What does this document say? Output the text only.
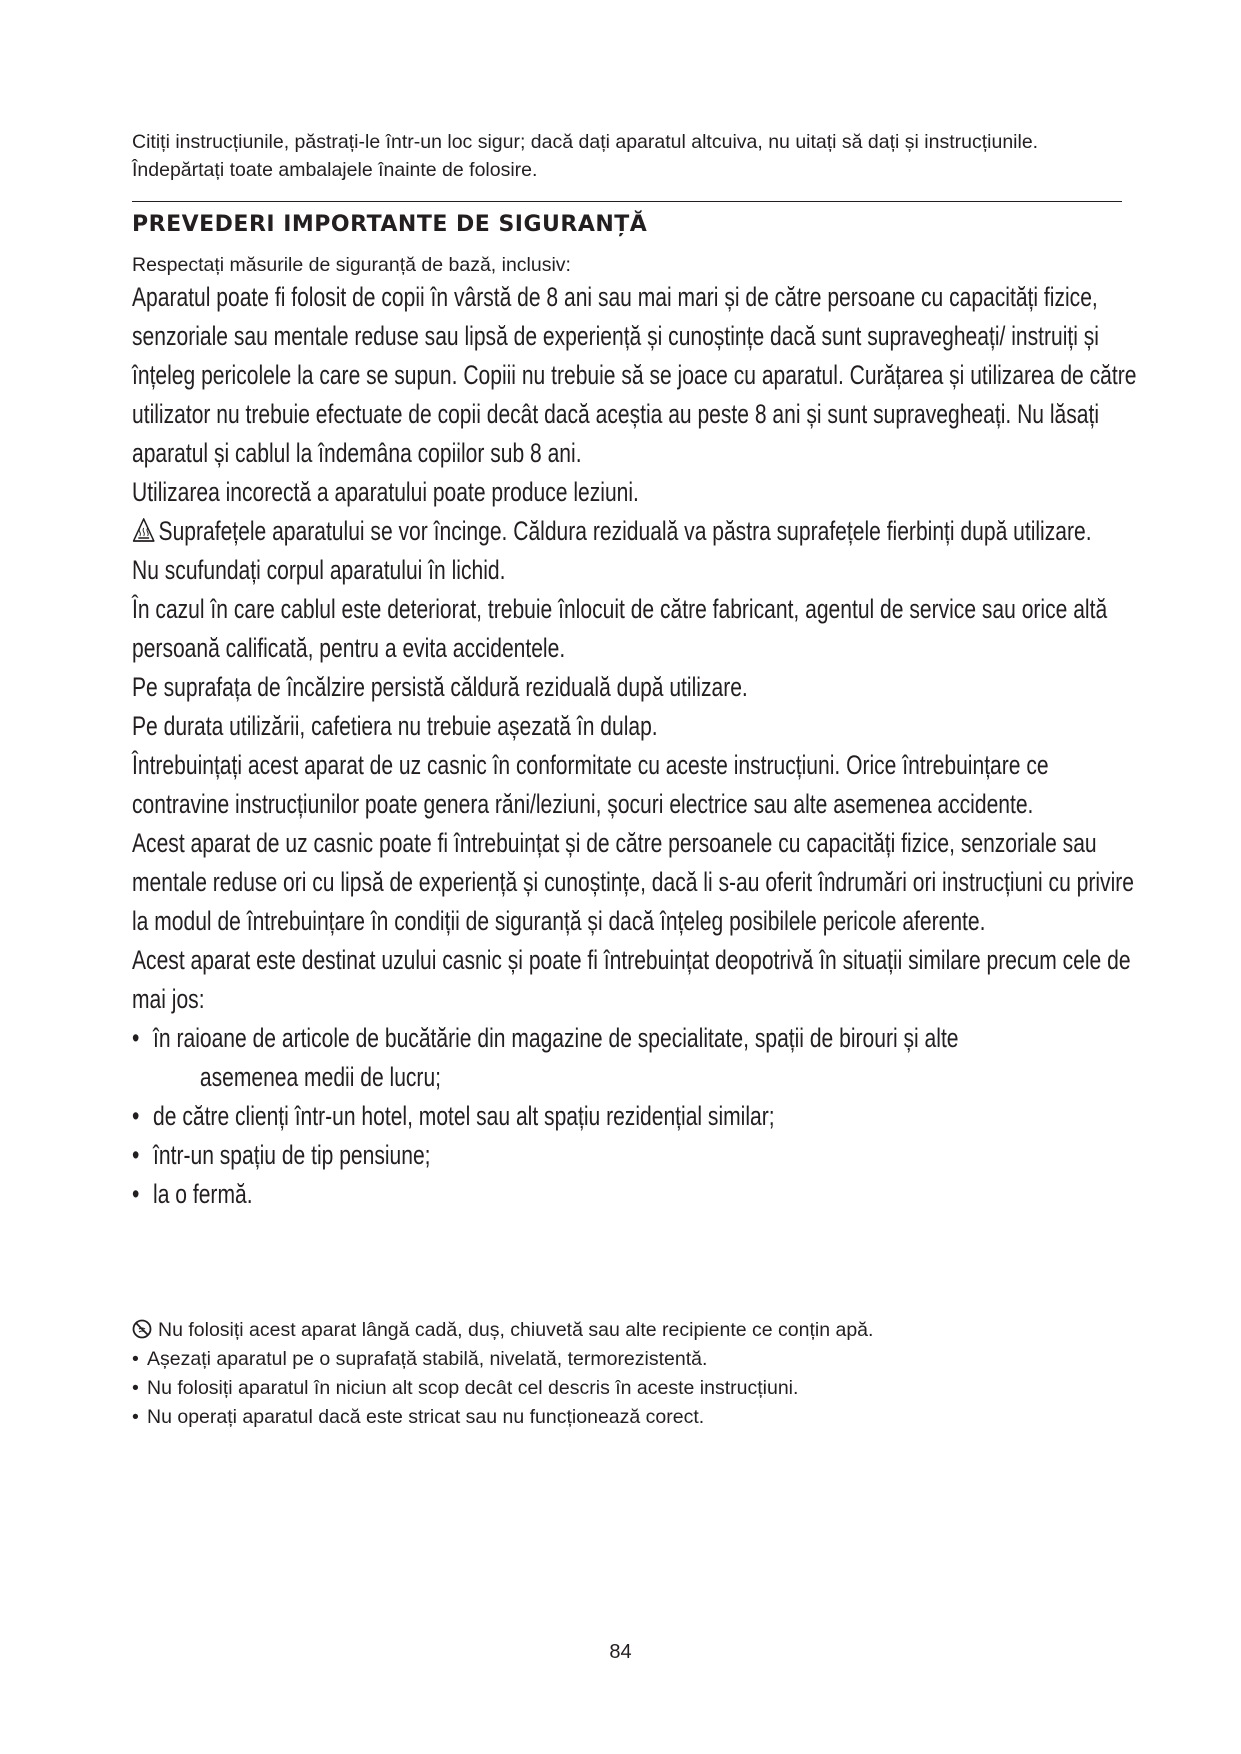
Citiți instrucțiunile, păstrați-le într-un loc sigur; dacă dați aparatul altcuiva, nu uitați să dați și instrucțiunile.

Îndepărtați toate ambalajele înainte de folosire.

PREVEDERI IMPORTANTE DE SIGURANȚĂ
Respectați măsurile de siguranță de bază, inclusiv:

Aparatul poate fi folosit de copii în vârstă de 8 ani sau mai mari și de către persoane cu capacități fizice, senzoriale sau mentale reduse sau lipsă de experiență și cunoștințe dacă sunt supravegheați/ instruiți și înțeleg pericolele la care se supun. Copiii nu trebuie să se joace cu aparatul. Curățarea și utilizarea de către utilizator nu trebuie efectuate de copii decât dacă aceștia au peste 8 ani și sunt supravegheați. Nu lăsați aparatul și cablul la îndemâna copiilor sub 8 ani.

Utilizarea incorectă a aparatului poate produce leziuni.

Suprafețele aparatului se vor încinge. Căldura reziduală va păstra suprafețele fierbinți după utilizare.

Nu scufundați corpul aparatului în lichid.

În cazul în care cablul este deteriorat, trebuie înlocuit de către fabricant, agentul de service sau orice altă persoană calificată, pentru a evita accidentele.

Pe suprafața de încălzire persistă căldură reziduală după utilizare.

Pe durata utilizării, cafetiera nu trebuie așezată în dulap.

Întrebuințați acest aparat de uz casnic în conformitate cu aceste instrucțiuni. Orice întrebuințare ce contravine instrucțiunilor poate genera răni/leziuni, șocuri electrice sau alte asemenea accidente.

Acest aparat de uz casnic poate fi întrebuințat și de către persoanele cu capacități fizice, senzoriale sau mentale reduse ori cu lipsă de experiență și cunoștințe, dacă li s-au oferit îndrumări ori instrucțiuni cu privire la modul de întrebuințare în condiții de siguranță și dacă înțeleg posibilele pericole aferente.

Acest aparat este destinat uzului casnic și poate fi întrebuințat deopotrivă în situații similare precum cele de mai jos:

• în raioane de articole de bucătărie din magazine de specialitate, spații de birouri și alte
asemenea medii de lucru;
• de către clienți într-un hotel, motel sau alt spațiu rezidențial similar;
• într-un spațiu de tip pensiune;
• la o fermă.

Nu folosiți acest aparat lângă cadă, duș, chiuvetă sau alte recipiente ce conțin apă.

• Așezați aparatul pe o suprafață stabilă, nivelată, termorezistentă.
• Nu folosiți aparatul în niciun alt scop decât cel descris în aceste instrucțiuni.
• Nu operați aparatul dacă este stricat sau nu funcționează corect.
84
